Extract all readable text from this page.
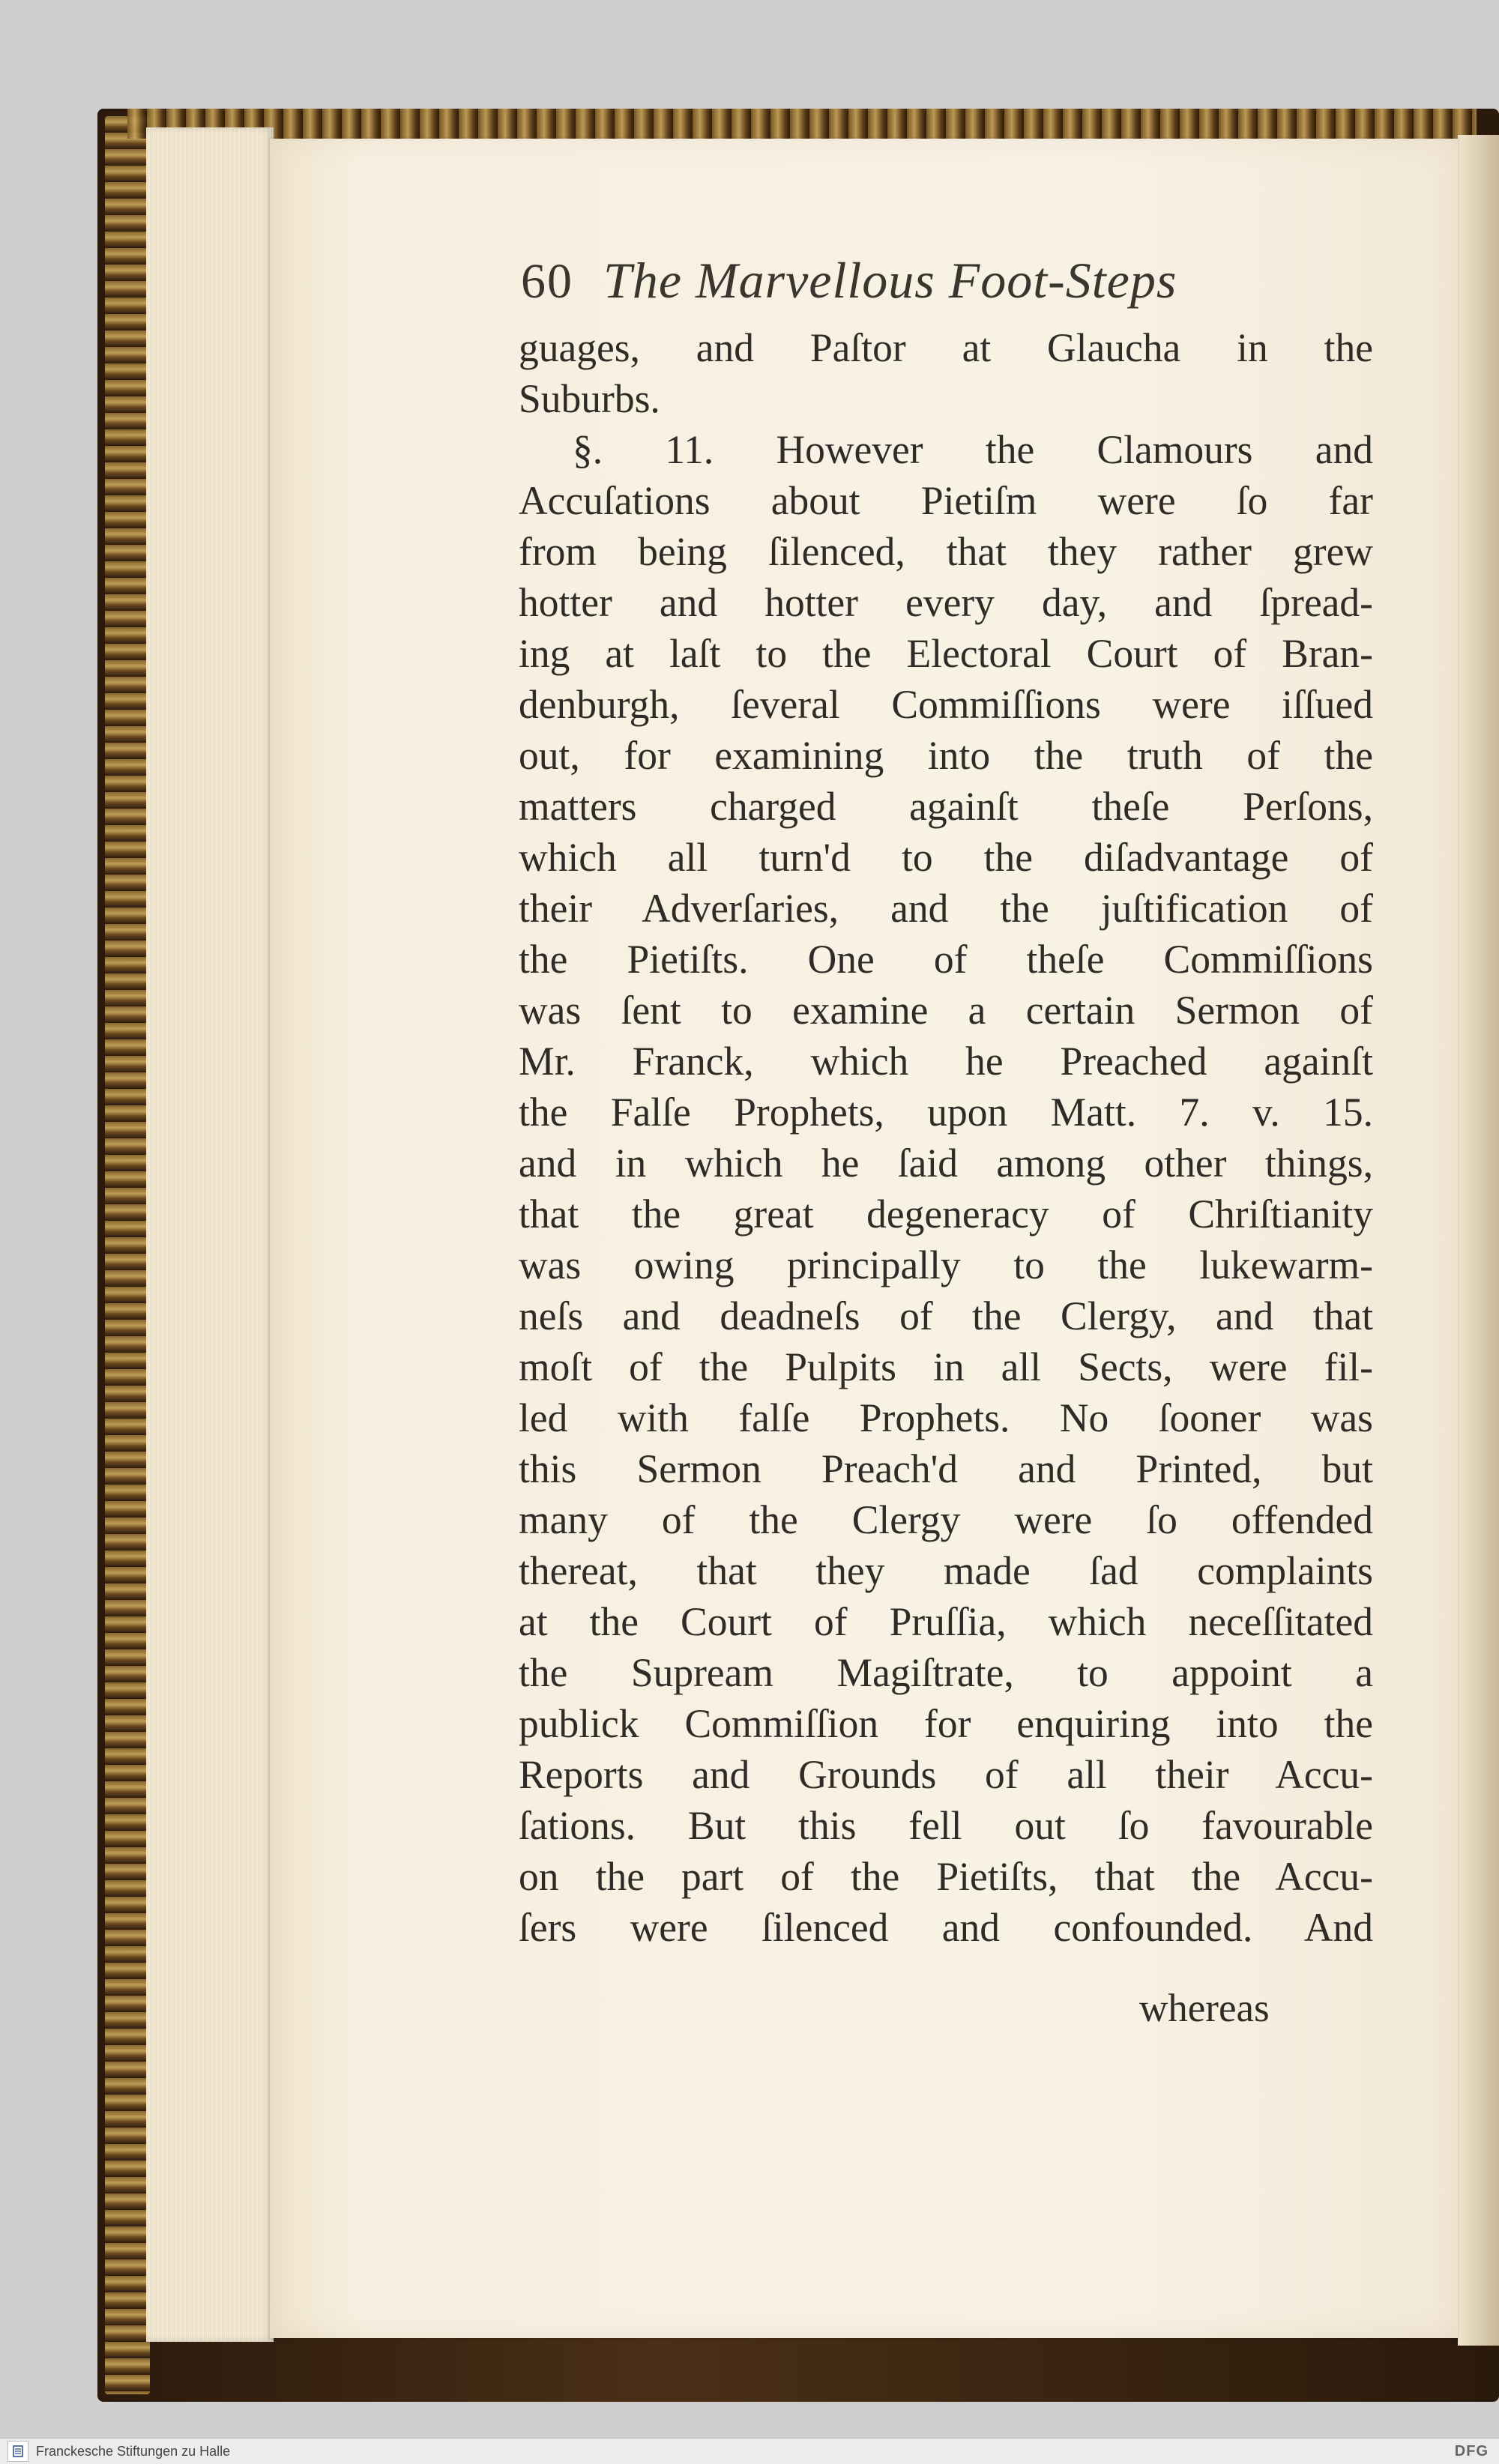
60 The Marvellous Foot-Steps
guages, and Paſtor at Glaucha in the
Suburbs.
§. 11. However the Clamours and
Accuſations about Pietiſm were ſo far
from being ſilenced, that they rather grew
hotter and hotter every day, and ſpread-
ing at laſt to the Electoral Court of Bran-
denburgh, ſeveral Commiſſions were iſſued
out, for examining into the truth of the
matters charged againſt theſe Perſons,
which all turn'd to the diſadvantage of
their Adverſaries, and the juſtification of
the Pietiſts. One of theſe Commiſſions
was ſent to examine a certain Sermon of
Mr. Franck, which he Preached againſt
the Falſe Prophets, upon Matt. 7. v. 15.
and in which he ſaid among other things,
that the great degeneracy of Chriſtianity
was owing principally to the lukewarm-
neſs and deadneſs of the Clergy, and that
moſt of the Pulpits in all Sects, were fil-
led with falſe Prophets. No ſooner was
this Sermon Preach'd and Printed, but
many of the Clergy were ſo offended
thereat, that they made ſad complaints
at the Court of Pruſſia, which neceſſitated
the Supream Magiſtrate, to appoint a
publick Commiſſion for enquiring into the
Reports and Grounds of all their Accu-
ſations. But this fell out ſo favourable
on the part of the Pietiſts, that the Accu-
ſers were ſilenced and confounded. And
whereas
Franckesche Stiftungen zu Halle	DFG
